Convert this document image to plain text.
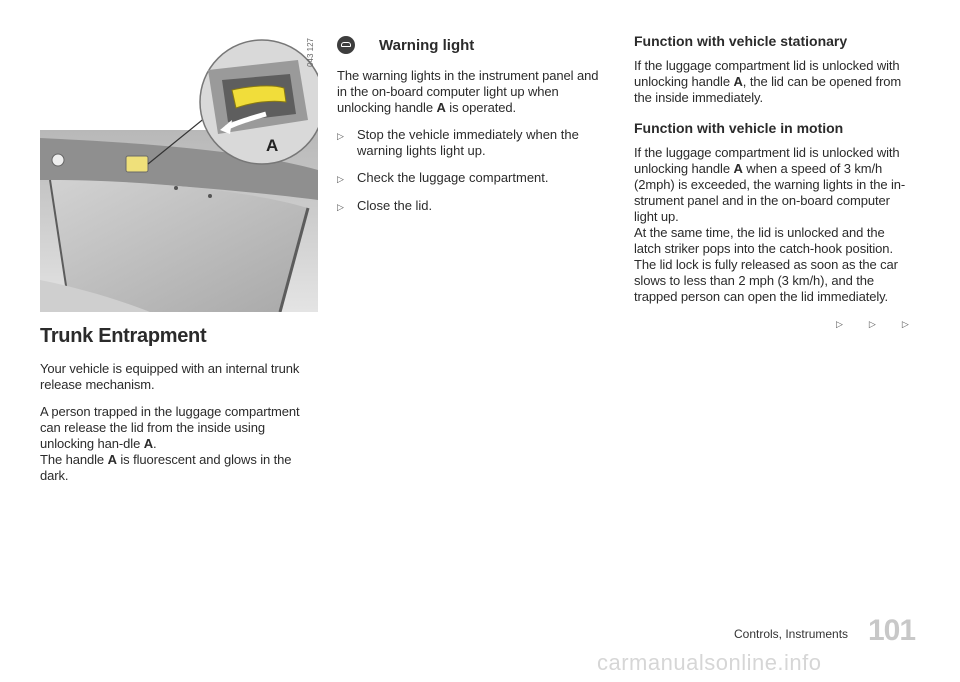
A
043 127
Trunk Entrapment

Your vehicle is equipped with an internal trunk release mechanism.

A person trapped in the luggage compartment can release the lid from the inside using unlocking han-dle A.

The handle A is fluorescent and glows in the dark.

Warning light

The warning lights in the instrument panel and in the on-board computer light up when unlocking handle A is operated.

▷	Stop the vehicle immediately when the warning lights light up.
▷	Check the luggage compartment.
▷	Close the lid.
Function with vehicle stationary

If the luggage compartment lid is unlocked with unlocking handle A, the lid can be opened from the inside immediately.

Function with vehicle in motion

If the luggage compartment lid is unlocked with unlocking handle A when a speed of 3 km/h (2mph) is exceeded, the warning lights in the in-strument panel and in the on-board computer light up.

At the same time, the lid is unlocked and the latch striker pops into the catch-hook position. The lid lock is fully released as soon as the car slows to less than 2 mph (3 km/h), and the trapped person can open the lid immediately.

▷	▷	▷
Controls, Instruments 101
carmanualsonline.info
